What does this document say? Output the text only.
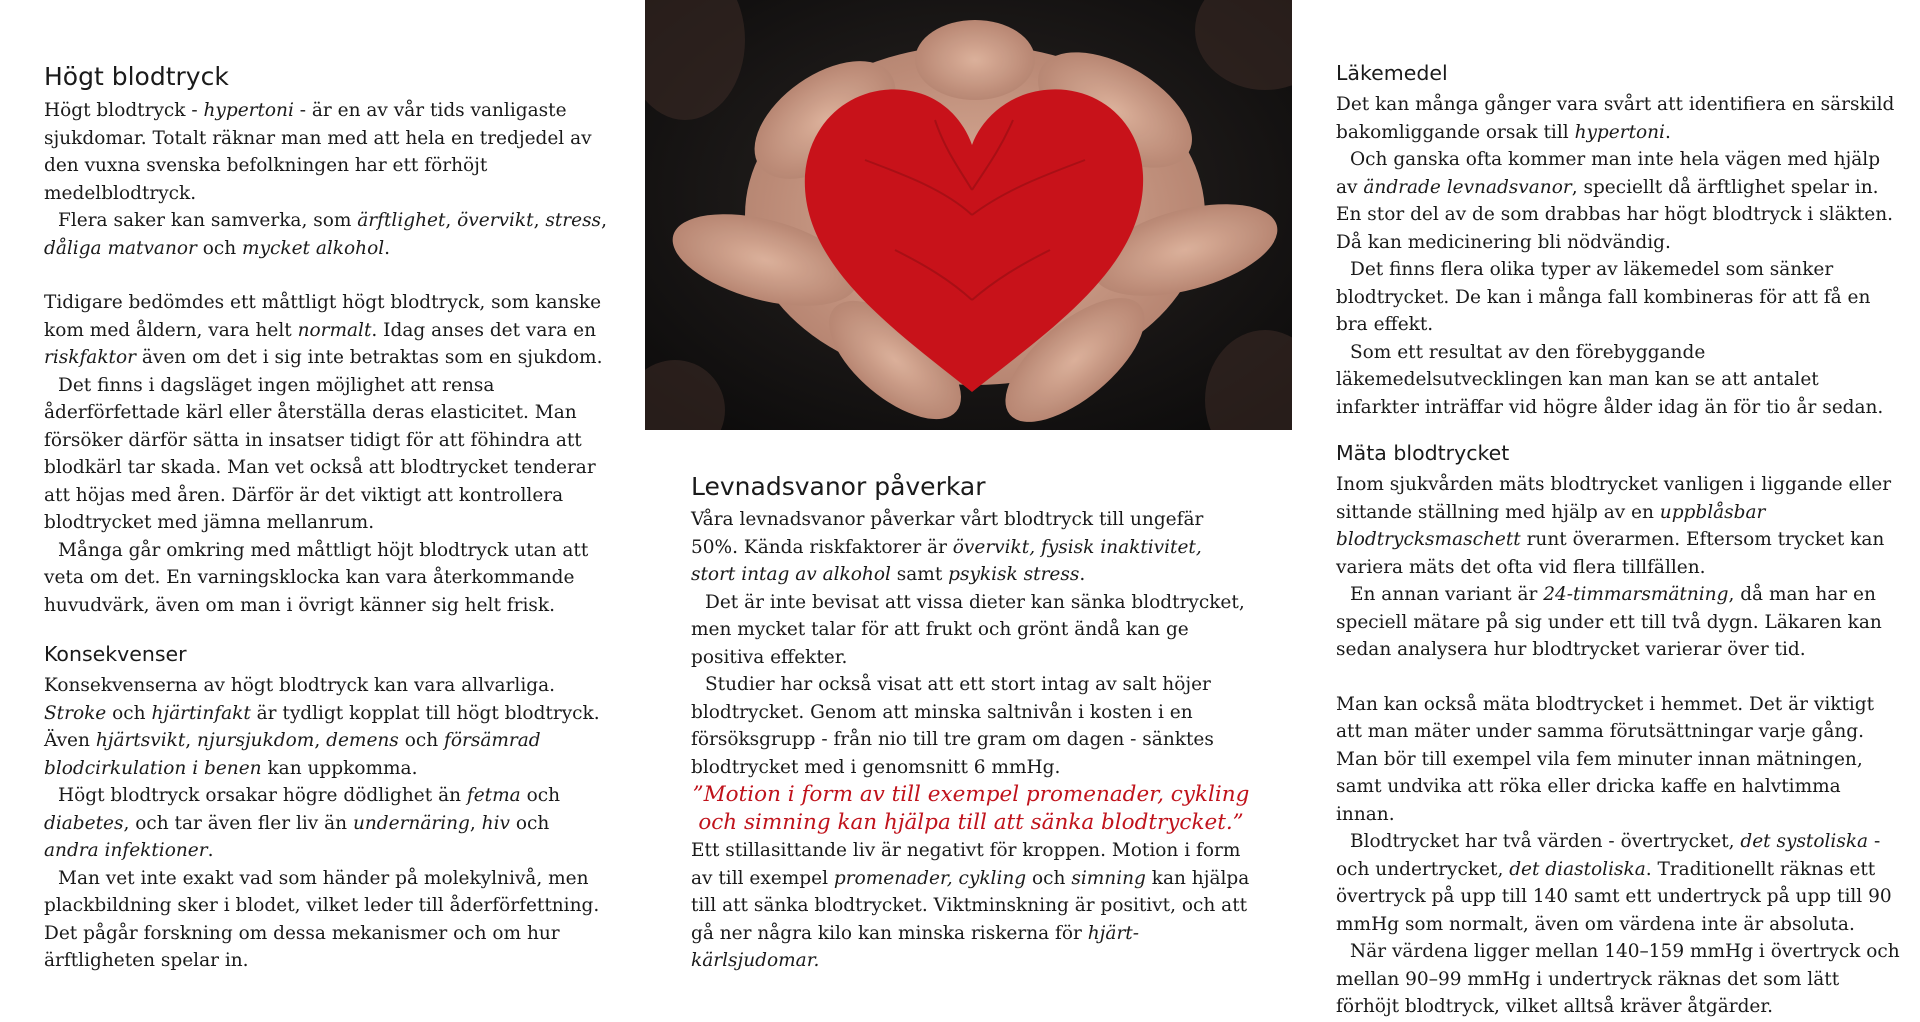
Högt blodtryck

Högt blodtryck - hypertoni - är en av vår tids vanligaste sjukdomar. Totalt räknar man med att hela en tredjedel av den vuxna svenska befolkningen har ett förhöjt medelblodtryck.

Flera saker kan samverka, som ärftlighet, övervikt, stress, dåliga matvanor och mycket alkohol.

Tidigare bedömdes ett måttligt högt blodtryck, som kanske kom med åldern, vara helt normalt. Idag anses det vara en riskfaktor även om det i sig inte betraktas som en sjukdom.

Det finns i dagsläget ingen möjlighet att rensa åderförfettade kärl eller återställa deras elasticitet. Man försöker därför sätta in insatser tidigt för att föhindra att blodkärl tar skada. Man vet också att blodtrycket tenderar att höjas med åren. Därför är det viktigt att kontrollera blodtrycket med jämna mellanrum.

Många går omkring med måttligt höjt blodtryck utan att veta om det. En varningsklocka kan vara återkommande huvudvärk, även om man i övrigt känner sig helt frisk.

Konsekvenser

Konsekvenserna av högt blodtryck kan vara allvarliga. Stroke och hjärtinfakt är tydligt kopplat till högt blodtryck. Även hjärtsvikt, njursjukdom, demens och försämrad blodcirkulation i benen kan uppkomma.

Högt blodtryck orsakar högre dödlighet än fetma och diabetes, och tar även fler liv än undernäring, hiv och andra infektioner.

Man vet inte exakt vad som händer på molekylnivå, men plackbildning sker i blodet, vilket leder till åderförfettning. Det pågår forskning om dessa mekanismer och om hur ärftligheten spelar in.

Levnadsvanor påverkar

Våra levnadsvanor påverkar vårt blodtryck till ungefär 50%. Kända riskfaktorer är övervikt, fysisk inaktivitet, stort intag av alkohol samt psykisk stress.

Det är inte bevisat att vissa dieter kan sänka blodtrycket, men mycket talar för att frukt och grönt ändå kan ge positiva effekter.

Studier har också visat att ett stort intag av salt höjer blodtrycket. Genom att minska saltnivån i kosten i en försöksgrupp - från nio till tre gram om dagen - sänktes blodtrycket med i genomsnitt 6 mmHg.

”Motion i form av till exempel promenader, cykling och simning kan hjälpa till att sänka blodtrycket.”

Ett stillasittande liv är negativt för kroppen. Motion i form av till exempel promenader, cykling och simning kan hjälpa till att sänka blodtrycket. Viktminskning är positivt, och att gå ner några kilo kan minska riskerna för hjärt- kärlsjudomar.

Läkemedel

Det kan många gånger vara svårt att identifiera en särskild bakomliggande orsak till hypertoni.

Och ganska ofta kommer man inte hela vägen med hjälp av ändrade levnadsvanor, speciellt då ärftlighet spelar in. En stor del av de som drabbas har högt blodtryck i släkten. Då kan medicinering bli nödvändig.

Det finns flera olika typer av läkemedel som sänker blodtrycket. De kan i många fall kombineras för att få en bra effekt.

Som ett resultat av den förebyggande läkemedelsutvecklingen kan man kan se att antalet infarkter inträffar vid högre ålder idag än för tio år sedan.

Mäta blodtrycket

Inom sjukvården mäts blodtrycket vanligen i liggande eller sittande ställning med hjälp av en uppblåsbar blodtrycksmaschett runt överarmen. Eftersom trycket kan variera mäts det ofta vid flera tillfällen.

En annan variant är 24-timmarsmätning, då man har en speciell mätare på sig under ett till två dygn. Läkaren kan sedan analysera hur blodtrycket varierar över tid.

Man kan också mäta blodtrycket i hemmet. Det är viktigt att man mäter under samma förutsättningar varje gång. Man bör till exempel vila fem minuter innan mätningen, samt undvika att röka eller dricka kaffe en halvtimma innan.

Blodtrycket har två värden - övertrycket, det systoliska - och undertrycket, det diastoliska. Traditionellt räknas ett övertryck på upp till 140 samt ett undertryck på upp till 90 mmHg som normalt, även om värdena inte är absoluta.

När värdena ligger mellan 140–159 mmHg i övertryck och mellan 90–99 mmHg i undertryck räknas det som lätt förhöjt blodtryck, vilket alltså kräver åtgärder.
